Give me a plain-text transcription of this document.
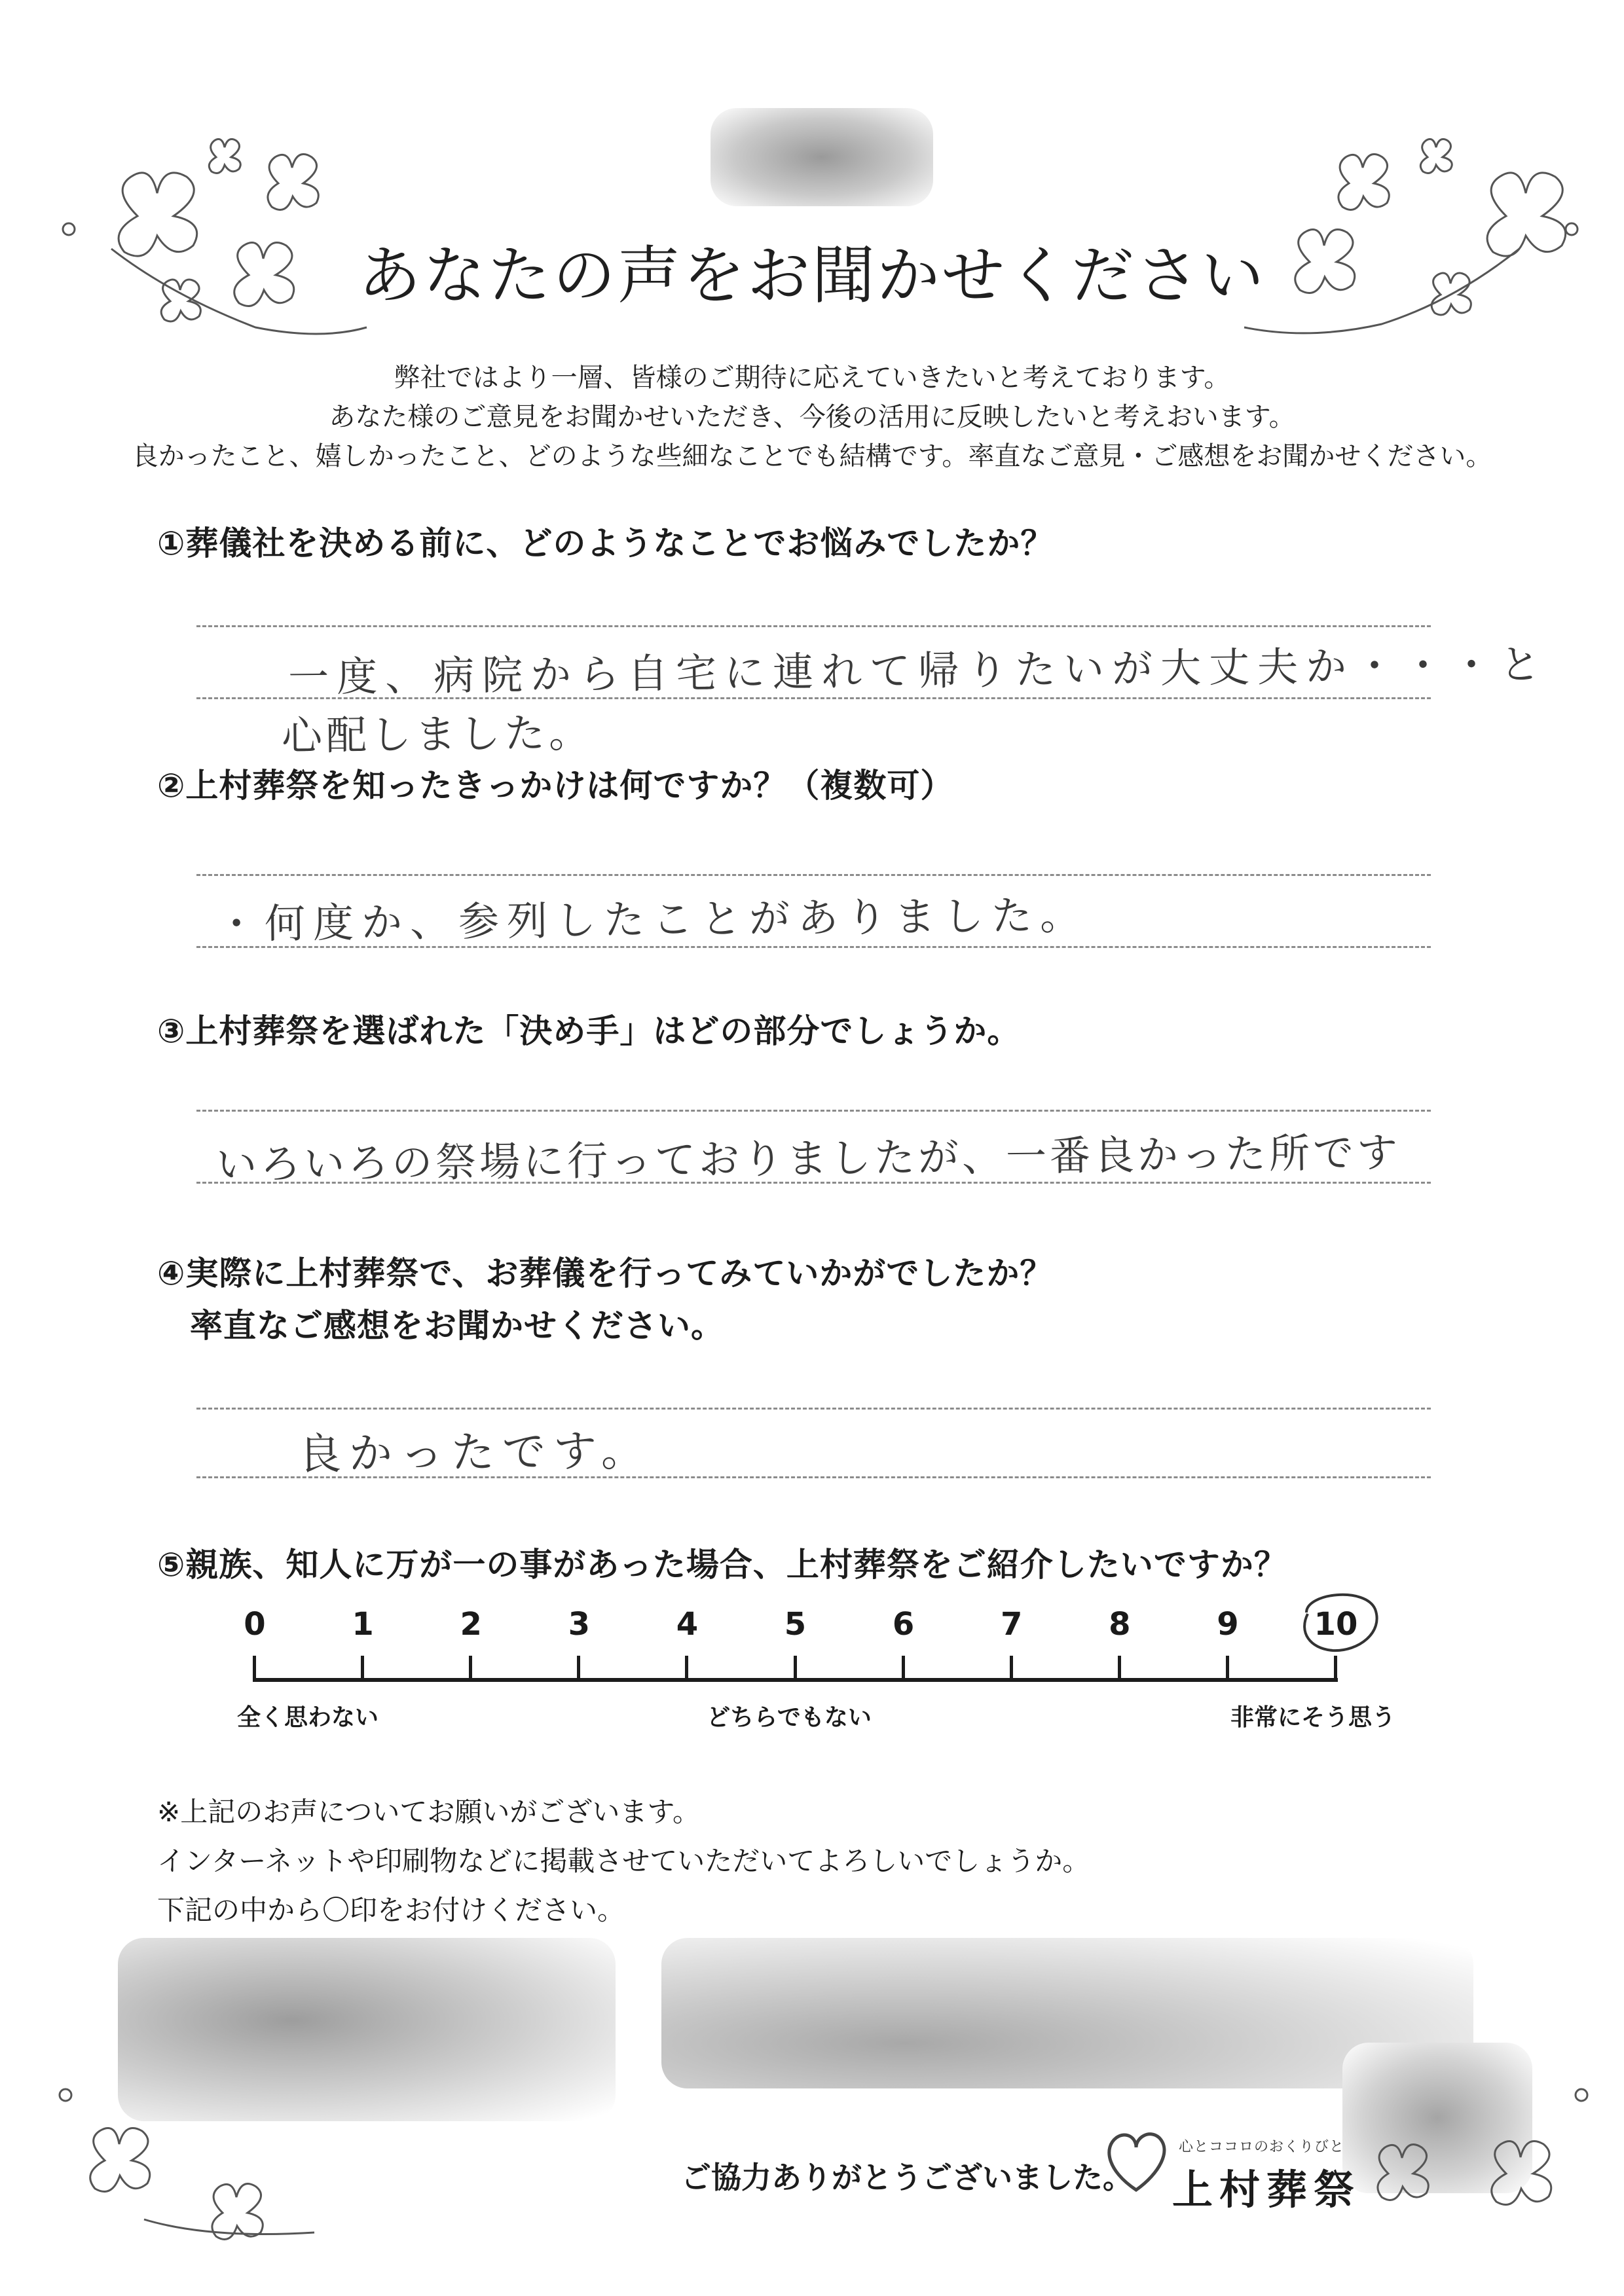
あなたの声をお聞かせください
弊社ではより一層、皆様のご期待に応えていきたいと考えております。
あなた様のご意見をお聞かせいただき、今後の活用に反映したいと考えおいます。
良かったこと、嬉しかったこと、どのような些細なことでも結構です。率直なご意見・ご感想をお聞かせください。
①葬儀社を決める前に、どのようなことでお悩みでしたか？
一度、病院から自宅に連れて帰りたいが大丈夫か・・・と
心配しました。
②上村葬祭を知ったきっかけは何ですか？（複数可）
・何度か、参列したことがありました。
③上村葬祭を選ばれた「決め手」はどの部分でしょうか。
いろいろの祭場に行っておりましたが、一番良かった所です
④実際に上村葬祭で、お葬儀を行ってみていかがでしたか？
率直なご感想をお聞かせください。
良かったです。
⑤親族、知人に万が一の事があった場合、上村葬祭をご紹介したいですか？
0	1	2	3	4	5	6	7	8	9 10
全く思わない	どちらでもない	非常にそう思う
※上記のお声についてお願いがございます。
インターネットや印刷物などに掲載させていただいてよろしいでしょうか。
下記の中から〇印をお付けください。
ご協力ありがとうございました。
心とココロのおくりびと
上村葬祭
